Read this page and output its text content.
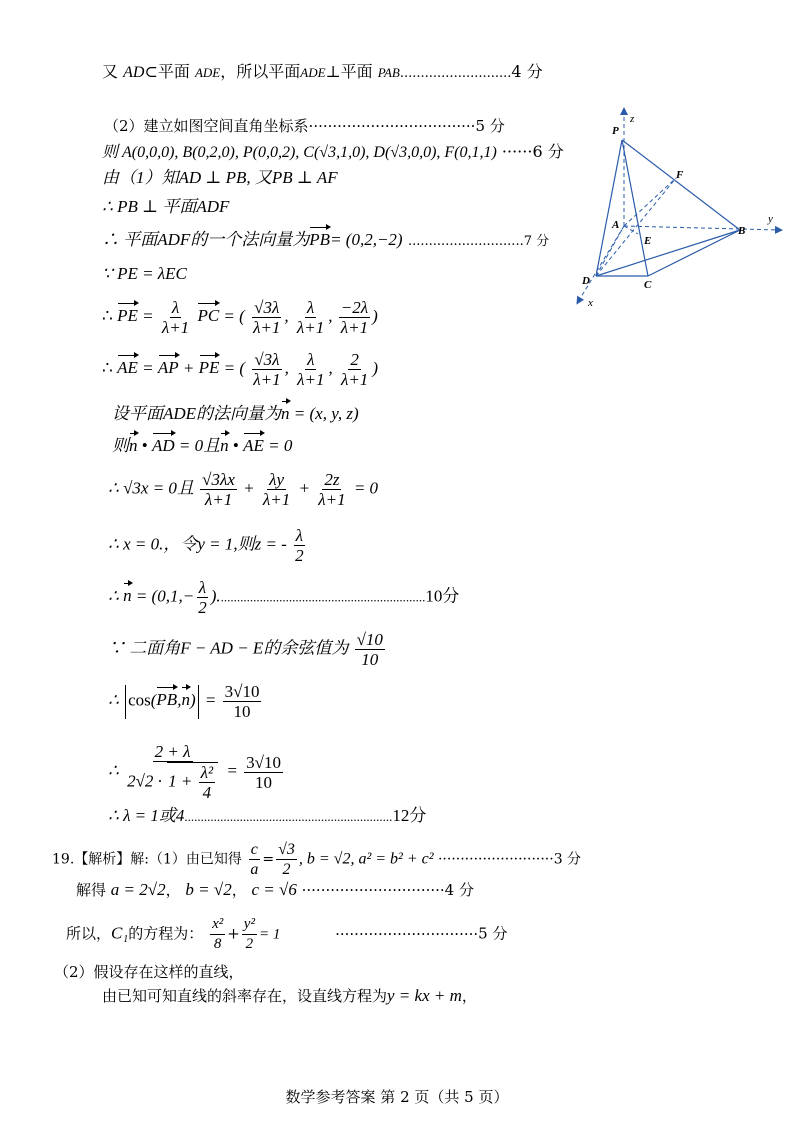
又 AD⊂平面 ADE，所以平面ADE⊥平面 PAB...........................4 分
（2）建立如图空间直角坐标系···································5 分
则 A(0,0,0), B(0,2,0), P(0,0,2), C(√3,1,0), D(√3,0,0), F(0,1,1) ······6 分
由（1）知AD ⊥ PB, 又PB ⊥ AF
∴ PB ⊥ 平面ADF
∴ 平面ADF的一个法向量为PB= (0,2,−2) ............................7 分
∵ PE = λEC
∴ PE = $\frac{\lambda}{\lambda+1}$ PC = ( $\frac{√3\lambda}{\lambda+1}$ , $\frac{\lambda}{\lambda+1}$ , $\frac{-2\lambda}{\lambda+1}$ )
∴ AE = AP + PE = ( $\frac{√3\lambda}{\lambda+1}$ , $\frac{\lambda}{\lambda+1}$ , $\frac{2}{\lambda+1}$ )
设平面ADE的法向量为n = (x, y, z)
则n • AD = 0且n • AE = 0
∴ √3x = 0且 $\frac{√3\lambda x}{\lambda+1} + \frac{\lambda y}{\lambda+1} + \frac{2z}{\lambda+1} = 0$
∴ x = 0.，令y = 1,则z = - $\frac{\lambda}{2}$
∴ $n = (0,1,- \frac{\lambda}{2} )................................................................10$分
∵ 二面角F − AD − E的余弦值为 $\frac{√10}{10}$
∴ $\cos(PB,n) = \frac{3√10}{10}$
∴ $\frac{2 + \lambda}{2√2 \cdot 1 + \frac{\text{λ²}}{4}} = \frac{3√10}{10}$
∴ λ = 1或4................................................................12分
19.【解析】解:（1）由已知得 $\frac{c}{a} = \frac{√3}{2}$ , b = √2, a² = b² + c² ··························3 分
解得 a = 2√2， b = √2， c = √6 ······························4 分
所以，C₁的方程为： $\frac{\text{x²}}{8} + \frac{\text{y²}}{2} = 1$	······························5 分
（2）假设存在这样的直线，
由已知可知直线的斜率存在，设直线方程为y = kx + m，
数学参考答案 第 2 页（共 5 页）
P
z
F
A
E
B
y
D	C
x
